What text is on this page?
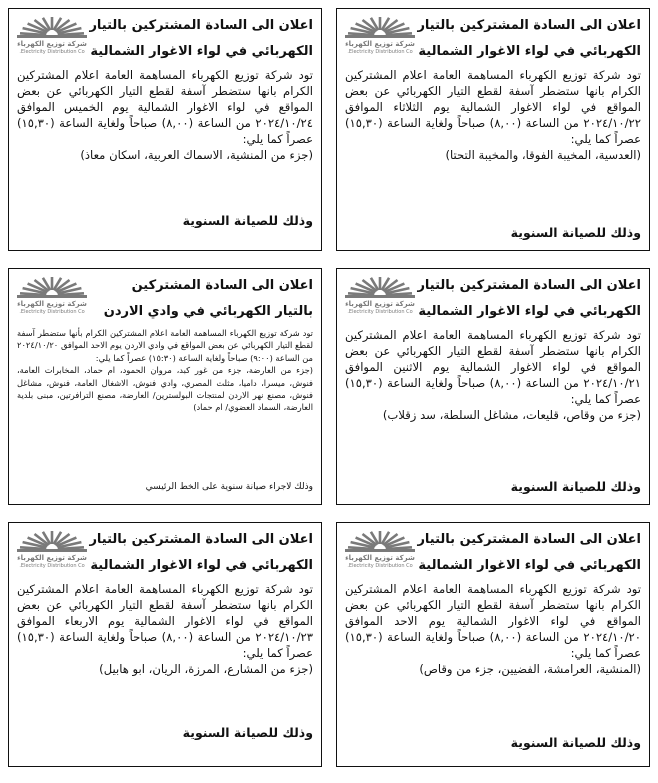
اعلان الى السادة المشتركين بالتيار
الكهربائي في لواء الاغوار الشمالية
شركة توزيع الكهرباء
Electricity Distribution Co.

تود شركة توزيع الكهرباء المساهمة العامة اعلام المشتركين الكرام بانها ستضطر آسفة لقطع التيار الكهربائي عن بعض المواقع في لواء الاغوار الشمالية يوم الثلاثاء الموافق ٢٠٢٤/١٠/٢٢ من الساعة (٨,٠٠) صباحاً ولغاية الساعة (١٥,٣٠) عصراً كما يلي:

(العدسية، المخيبة الفوقا، والمخيبة التحتا)

وذلك للصيانة السنوية
اعلان الى السادة المشتركين بالتيار
الكهربائي في لواء الاغوار الشمالية
شركة توزيع الكهرباء
Electricity Distribution Co.

تود شركة توزيع الكهرباء المساهمة العامة اعلام المشتركين الكرام بانها ستضطر آسفة لقطع التيار الكهربائي عن بعض المواقع في لواء الاغوار الشمالية يوم الخميس الموافق ٢٠٢٤/١٠/٢٤ من الساعة (٨,٠٠) صباحاً ولغاية الساعة (١٥,٣٠) عصراً كما يلي:

(جزء من المنشية، الاسماك العربية، اسكان معاذ)

وذلك للصيانة السنوية
اعلان الى السادة المشتركين بالتيار
الكهربائي في لواء الاغوار الشمالية
شركة توزيع الكهرباء
Electricity Distribution Co.

تود شركة توزيع الكهرباء المساهمة العامة اعلام المشتركين الكرام بانها ستضطر آسفة لقطع التيار الكهربائي عن بعض المواقع في لواء الاغوار الشمالية يوم الاثنين الموافق ٢٠٢٤/١٠/٢١ من الساعة (٨,٠٠) صباحاً ولغاية الساعة (١٥,٣٠) عصراً كما يلي:

(جزء من وقاص، قليعات، مشاغل السلطة، سد زقلاب)

وذلك للصيانة السنوية
اعلان الى السادة المشتركين
بالتيار الكهربائي في وادي الاردن
شركة توزيع الكهرباء
Electricity Distribution Co.

تود شركة توزيع الكهرباء المساهمة العامة اعلام المشتركين الكرام بأنها ستضطر آسفة لقطع التيار الكهربائي عن بعض المواقع في وادي الاردن يوم الاحد الموافق ٢٠٢٤/١٠/٢٠ من الساعة (٩:٠٠) صباحاً ولغاية الساعة (١٥:٣٠) عصراً كما يلي:

(جزء من العارضة، جزء من غور كبد، مروان الحمود، ام حماد، المخابرات العامة، فنوش، ميسرا، داميا، مثلث المصري، وادي فنوش، الاشغال العامة، فنوش، مشاغل فنوش، مصنع نهر الاردن لمنتجات البولسترين/ العارضة، مصنع الترافرتين، مبنى بلدية العارضة، السماد العضوي/ ام حماد)

وذلك لاجراء صيانة سنوية على الخط الرئيسي
اعلان الى السادة المشتركين بالتيار
الكهربائي في لواء الاغوار الشمالية
شركة توزيع الكهرباء
Electricity Distribution Co.

تود شركة توزيع الكهرباء المساهمة العامة اعلام المشتركين الكرام بانها ستضطر آسفة لقطع التيار الكهربائي عن بعض المواقع في لواء الاغوار الشمالية يوم الاحد الموافق ٢٠٢٤/١٠/٢٠ من الساعة (٨,٠٠) صباحاً ولغاية الساعة (١٥,٣٠) عصراً كما يلي:

(المنشية، العرامشة، الفضيين، جزء من وقاص)

وذلك للصيانة السنوية
اعلان الى السادة المشتركين بالتيار
الكهربائي في لواء الاغوار الشمالية
شركة توزيع الكهرباء
Electricity Distribution Co.

تود شركة توزيع الكهرباء المساهمة العامة اعلام المشتركين الكرام بانها ستضطر آسفة لقطع التيار الكهربائي عن بعض المواقع في لواء الاغوار الشمالية يوم الاربعاء الموافق ٢٠٢٤/١٠/٢٣ من الساعة (٨,٠٠) صباحاً ولغاية الساعة (١٥,٣٠) عصراً كما يلي:

(جزء من المشارع، المرزة، الريان، ابو هابيل)

وذلك للصيانة السنوية
